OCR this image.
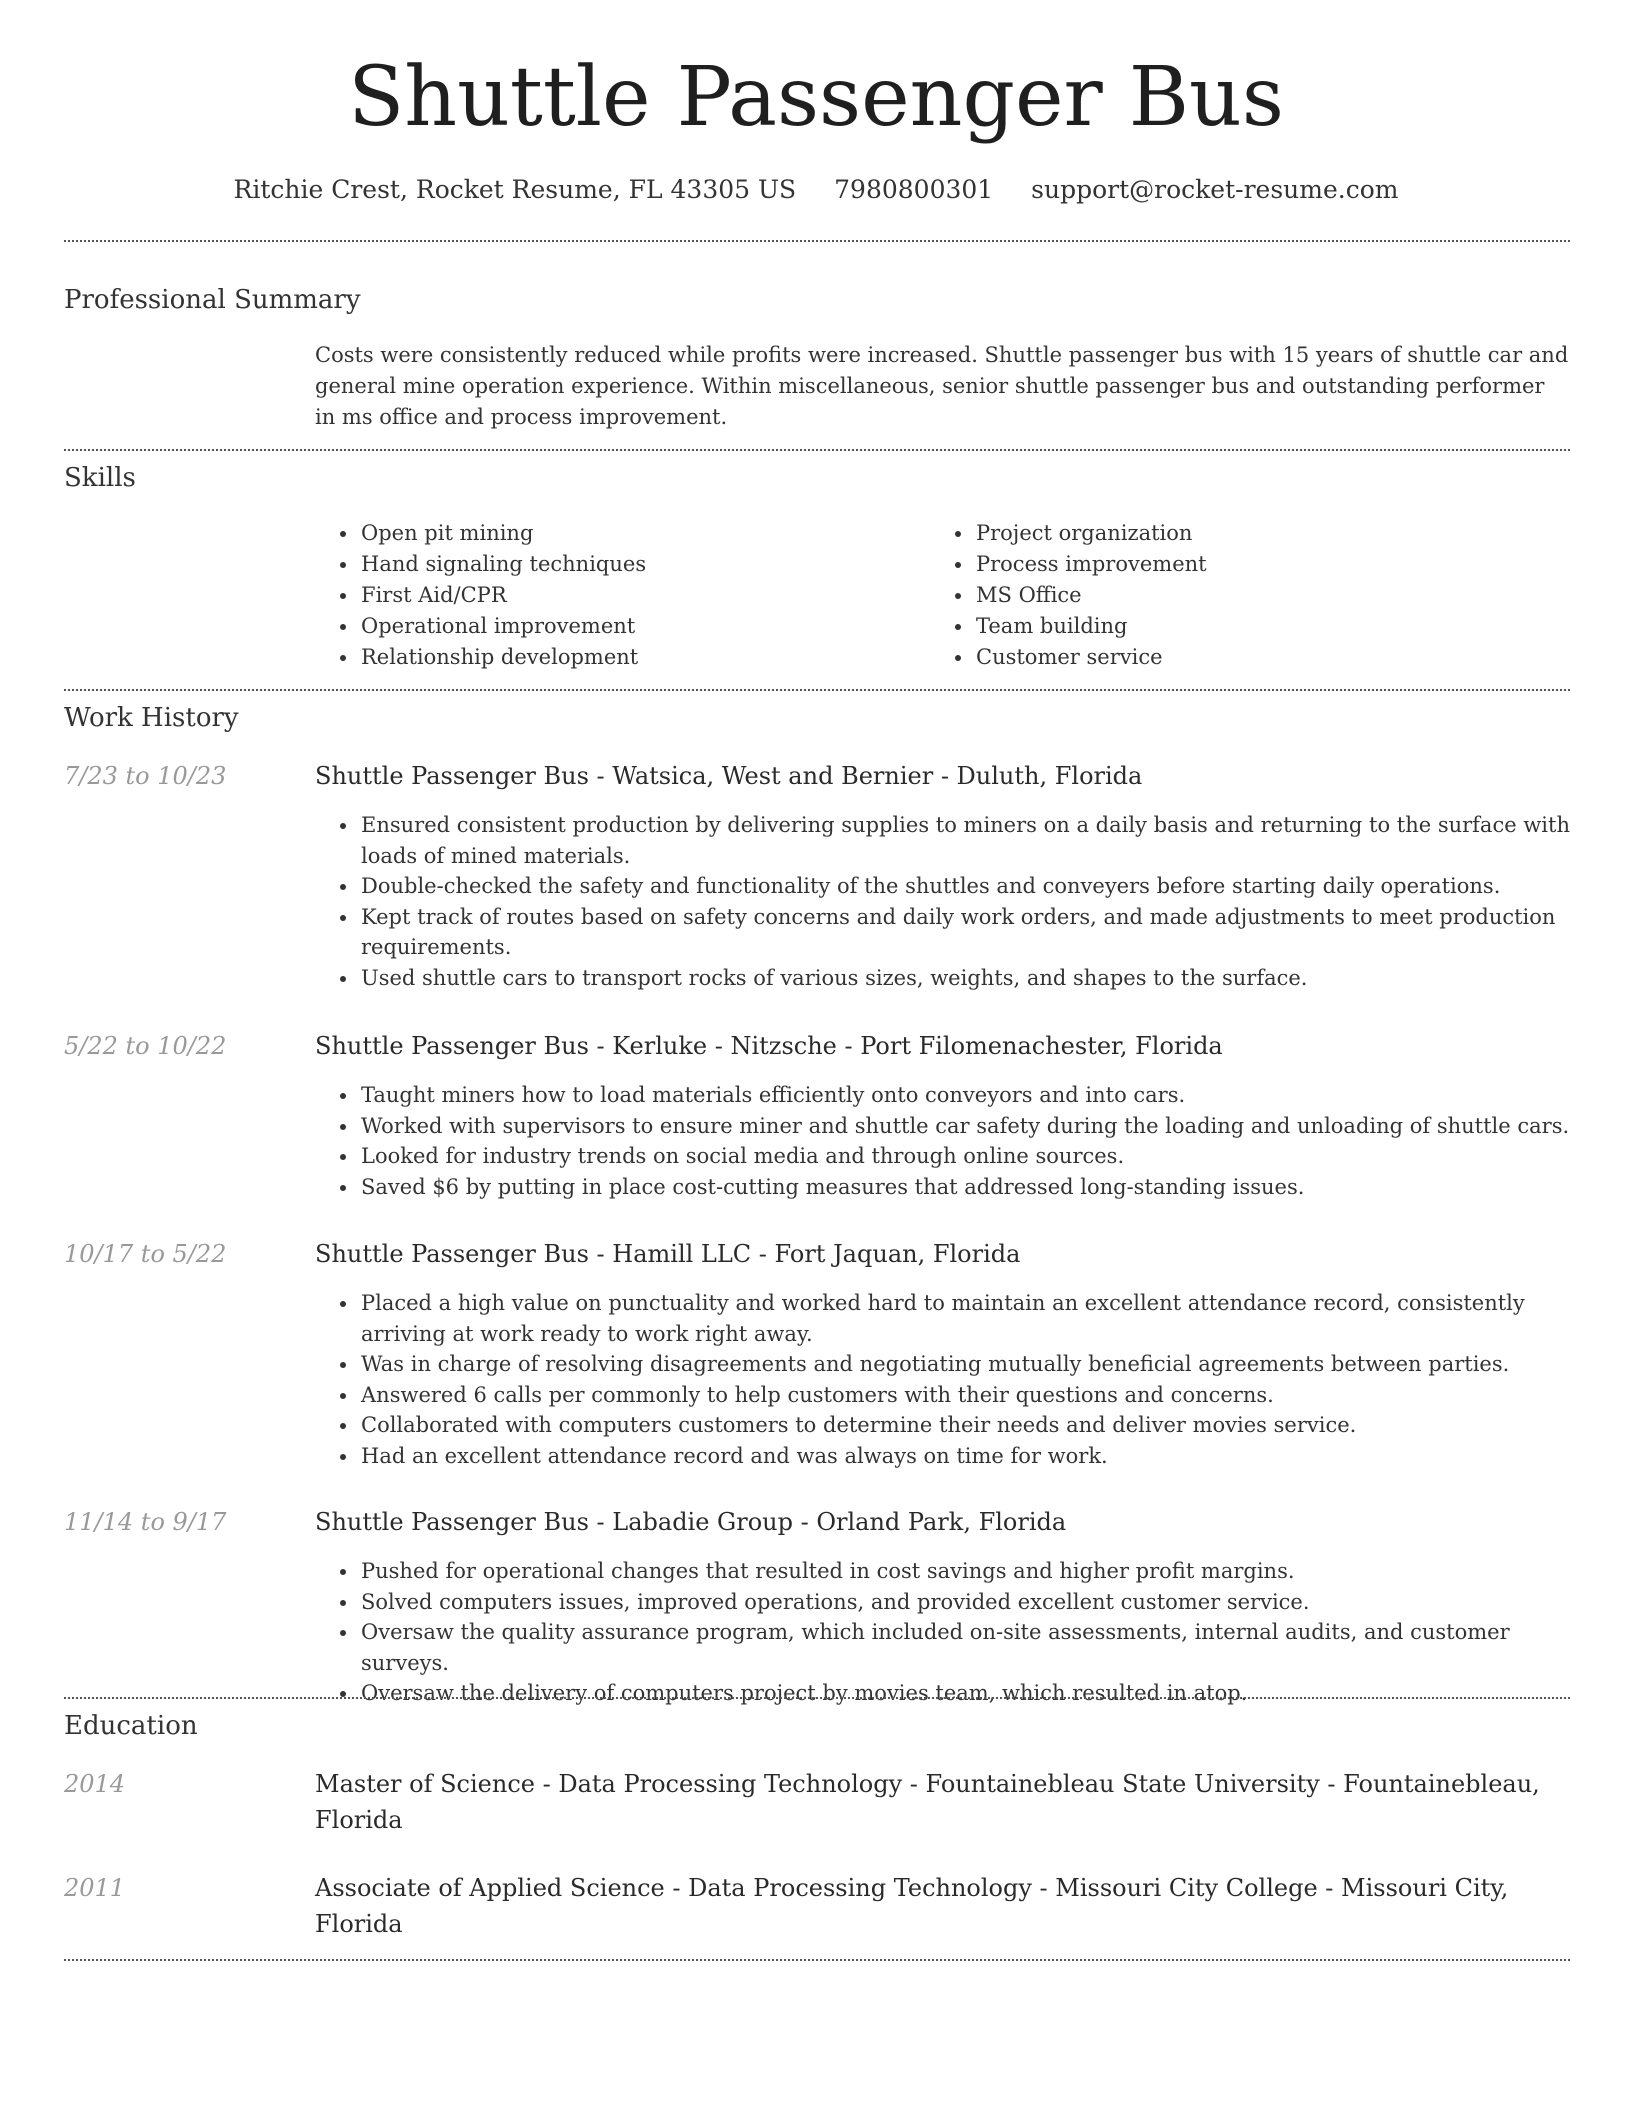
Shuttle Passenger Bus
Ritchie Crest, Rocket Resume, FL 43305 US 7980800301 support@rocket-resume.com
Professional Summary

Costs were consistently reduced while profits were increased. Shuttle passenger bus with 15 years of shuttle car and general mine operation experience. Within miscellaneous, senior shuttle passenger bus and outstanding performer in ms office and process improvement.

Skills
• Open pit mining
• Hand signaling techniques
• First Aid/CPR
• Operational improvement
• Relationship development
• Project organization
• Process improvement
• MS Office
• Team building
• Customer service
Work History
7/23 to 10/23	Shuttle Passenger Bus - Watsica, West and Bernier - Duluth, Florida
• Ensured consistent production by delivering supplies to miners on a daily basis and returning to the surface with loads of mined materials.
• Double-checked the safety and functionality of the shuttles and conveyers before starting daily operations.
• Kept track of routes based on safety concerns and daily work orders, and made adjustments to meet production requirements.
• Used shuttle cars to transport rocks of various sizes, weights, and shapes to the surface.
5/22 to 10/22	Shuttle Passenger Bus - Kerluke - Nitzsche - Port Filomenachester, Florida
• Taught miners how to load materials efficiently onto conveyors and into cars.
• Worked with supervisors to ensure miner and shuttle car safety during the loading and unloading of shuttle cars.
• Looked for industry trends on social media and through online sources.
• Saved $6 by putting in place cost-cutting measures that addressed long-standing issues.
10/17 to 5/22	Shuttle Passenger Bus - Hamill LLC - Fort Jaquan, Florida
• Placed a high value on punctuality and worked hard to maintain an excellent attendance record, consistently arriving at work ready to work right away.
• Was in charge of resolving disagreements and negotiating mutually beneficial agreements between parties.
• Answered 6 calls per commonly to help customers with their questions and concerns.
• Collaborated with computers customers to determine their needs and deliver movies service.
• Had an excellent attendance record and was always on time for work.
11/14 to 9/17	Shuttle Passenger Bus - Labadie Group - Orland Park, Florida
• Pushed for operational changes that resulted in cost savings and higher profit margins.
• Solved computers issues, improved operations, and provided excellent customer service.
• Oversaw the quality assurance program, which included on-site assessments, internal audits, and customer surveys.
• Oversaw the delivery of computers project by movies team, which resulted in atop.
Education
2014	Master of Science - Data Processing Technology - Fountainebleau State University - Fountainebleau, Florida
2011	Associate of Applied Science - Data Processing Technology - Missouri City College - Missouri City, Florida
